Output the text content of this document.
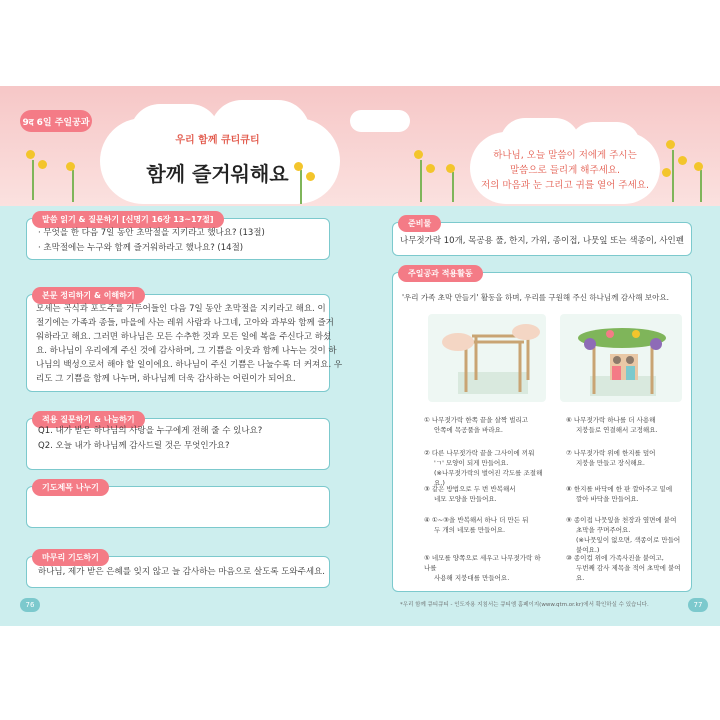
9द 6일 주일공과
우리 함께 큐티큐티
함께 즐거워해요
하나님, 오늘 말씀이 저에게 주시는
말씀으로 들리게 해주세요.
저의 마음과 눈 그리고 귀를 열어 주세요.
말씀 읽기 & 질문하기 [신명기 16장 13~17절]
· 무엇을 한 다음 7일 동안 초막절을 지키라고 했나요? (13절)
· 초막절에는 누구와 함께 즐거워하라고 했나요? (14절)
본문 정리하기 & 이해하기
모세는 곡식과 포도주를 거두어들인 다음 7일 동안 초막절을 지키라고 해요. 이
절기에는 가족과 종들, 마을에 사는 레위 사람과 나그네, 고아와 과부와 함께 즐거
워하라고 해요. 그러면 하나님은 모든 수추한 것과 모든 일에 복을 주신다고 하셨
요. 하나님이 우리에게 주신 것에 감사하며, 그 기쁨을 이웃과 함께 나누는 것이 하
나님의 백성으로서 해야 할 일이에요. 하나님이 주신 기쁨은 나눌수록 더 커져요. 우
리도 그 기쁨을 함께 나누며, 하나님께 더욱 감사하는 어린이가 되어요.
적용 질문하기 & 나눔하기
Q1. 내가 받은 하나님의 사랑을 누구에게 전해 줄 수 있나요?
Q2. 오늘 내가 하나님께 감사드릴 것은 무엇인가요?
기도제목 나누기
마무리 기도하기
하나님, 제가 받은 은혜를 잊지 않고 늘 감사하는 마음으로 살도록 도와주세요.
76
준비물
나무젓가락 10개, 목공용 풀, 한지, 가위, 종이접, 나뭇잎 또는 색종이, 사인펜
주일공과 적용활동
'우리 가족 초막 만들기' 활동을 하며, 우리를 구원해 주신 하나님께 감사해 보아요.
① 나무젓가락 한쪽 끝을 살짝 벌리고
안쪽에 목공풀을 바라요.
② 다른 나무젓가락 끝을 그사이에 끼워
'ㄱ' 모양이 되게 만들어요.
(※나무젓가락의 벌어진 각도를 조절해요.)
③ 같은 방법으로 두 번 반복해서
네모 모양을 만들어요.
④ ①~③을 반복해서 하나 더 만든 뒤
두 개의 네모를 만들어요.
⑤ 네모를 양쪽으로 세우고 나무젓가락 하나를
사용해 지붕대를 만들어요.
⑥ 나무젓가락 하나를 더 사용해
지붕들로 연결해서 고정해요.
⑦ 나무젓가락 위에 한지를 덮어
지붕을 만들고 장식해요.
⑧ 한지를 바닥에 한 판 깔아주고 밑에
깔아 바닥을 만들어요.
⑨ 종이접 나뭇잎을 천장과 옆면에 붙여
초막을 꾸며주어요.
(※나뭇잎이 없으면, 색종이로 만들어 붙여요.)
⑩ 종이컵 위에 가족사진을 붙여고,
두번째 감사 제목을 적어 초막에 붙여요.
77
*우리 함께 큐티큐티 - 인도자용 지침서는 큐티엠 홈페이지(www.qtm.or.kr)에서 확인하실 수 있습니다.
